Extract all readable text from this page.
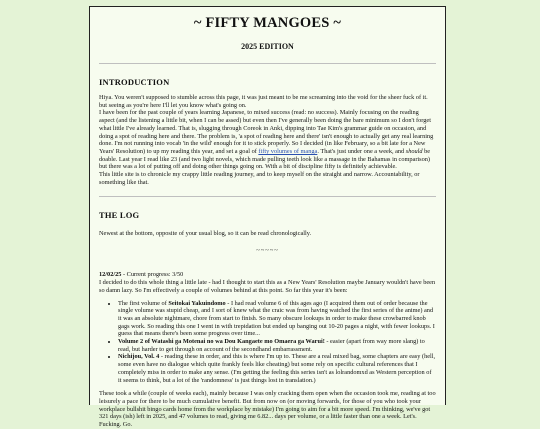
~ FIFTY MANGOES ~
2025 EDITION
INTRODUCTION

Hiya. You weren't supposed to stumble across this page, it was just meant to be me screaming into the void for the sheer fuck of it. but seeing as you're here I'll let you know what's going on.

I have been for the past couple of years learning Japanese, to mixed success (read: no success). Mainly focusing on the reading aspect (and the listening a little bit, when I can be assed) but even then I've generally been doing the bare minimum so I don't forget what little I've already learned. That is, slugging through Coreok in Anki, dipping into Tae Kim's grammar guide on occasion, and doing a spot of reading here and there. The problem is, 'a spot of reading here and there' isn't enough to actually get any real learning done. I'm not running into vocab 'in the wild' enough for it to stick properly. So I decided (in like February, so a bit late for a New Years' Resolution) to up my reading this year, and set a goal of fifty volumes of manga. That's just under one a week, and should be doable. Last year I read like 23 (and two light novels, which made pulling teeth look like a massage in the Bahamas in comparison) but there was a lot of putting off and doing other things going on. With a bit of discipline fifty is definitely achievable.

This little site is to chronicle my crappy little reading journey, and to keep myself on the straight and narrow. Accountability, or something like that.

THE LOG
Newest at the bottom, opposite of your usual blog, so it can be read chronologically.
~~~~~

12/02/25 - Current progress: 3/50

I decided to do this whole thing a little late - had I thought to start this as a New Years' Resolution maybe January wouldn't have been so damn lazy. So I'm effectively a couple of volumes behind at this point. So far this year it's been:

• The first volume of Seitokai Yakuindomo - I had read volume 6 of this ages ago (I acquired them out of order because the single volume was stupid cheap, and I sort of knew what the craic was from having watched the first series of the anime) and it was an absolute nightmare, chore from start to finish. So many obscure lookups in order to make these crowbarred knob gags work. So reading this one I went in with trepidation but ended up banging out 10-20 pages a night, with fewer lookups. I guess that means there's been some progress over time...
• Volume 2 of Watashi ga Motenai no wa Dou Kangaete mo Omaera ga Warui! - easier (apart from way more slang) to read, but harder to get through on account of the secondhand embarrassment.
• Nichijou, Vol. 4 - reading these in order, and this is where I'm up to. These are a real mixed bag, some chapters are easy (hell, some even have no dialogue which quite frankly feels like cheating) but some rely on specific cultural references that I completely miss in order to make any sense. (I'm getting the feeling this series isn't as lolrandomxd as Western perception of it seems to think, but a lot of the 'randomness' is just things lost in translation.)

These took a while (couple of weeks each), mainly because I was only cracking them open when the occasion took me, reading at too leisurely a pace for there to be much cumulative benefit. But from now on (or moving forwards, for those of you who took your workplace bullshit bingo cards home from the workplace by mistake) I'm going to aim for a bit more speed. I'm thinking, we've got 321 days (ish) left in 2025, and 47 volumes to read, giving me 6.82... days per volume, or a little faster than one a week. Let's. Fucking. Go.
